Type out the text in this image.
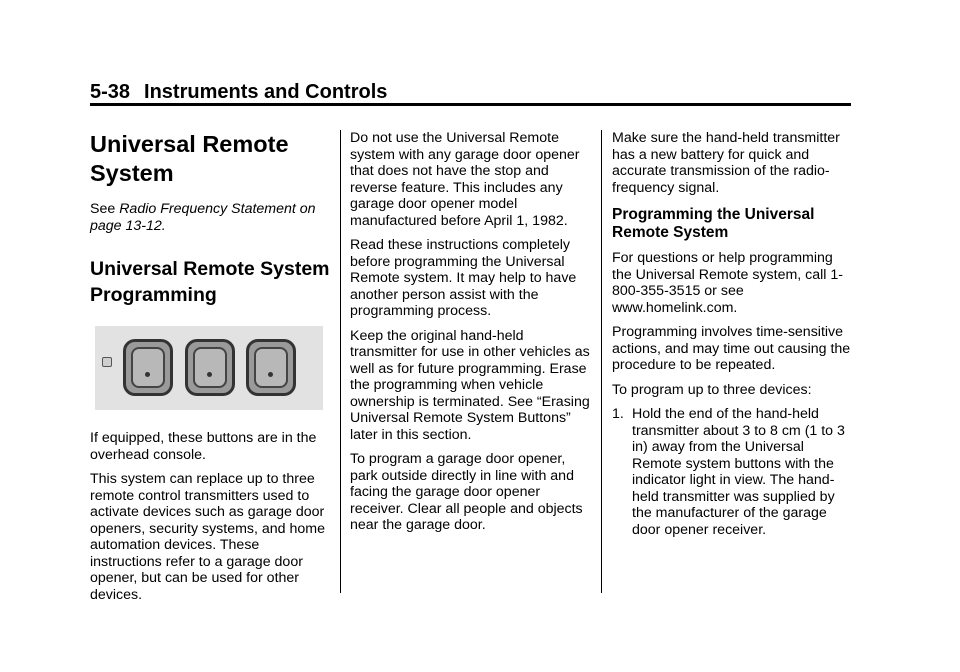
5-38 Instruments and Controls
Universal Remote System

See Radio Frequency Statement on page 13-12.

Universal Remote System Programming

If equipped, these buttons are in the overhead console.

This system can replace up to three remote control transmitters used to activate devices such as garage door openers, security systems, and home automation devices. These instructions refer to a garage door opener, but can be used for other devices.

Do not use the Universal Remote system with any garage door opener that does not have the stop and reverse feature. This includes any garage door opener model manufactured before April 1, 1982.

Read these instructions completely before programming the Universal Remote system. It may help to have another person assist with the programming process.

Keep the original hand-held transmitter for use in other vehicles as well as for future programming. Erase the programming when vehicle ownership is terminated. See “Erasing Universal Remote System Buttons” later in this section.

To program a garage door opener, park outside directly in line with and facing the garage door opener receiver. Clear all people and objects near the garage door.

Make sure the hand-held transmitter has a new battery for quick and accurate transmission of the radio-frequency signal.

Programming the Universal Remote System

For questions or help programming the Universal Remote system, call 1-800-355-3515 or see www.homelink.com.

Programming involves time-sensitive actions, and may time out causing the procedure to be repeated.

To program up to three devices:

1. Hold the end of the hand-held transmitter about 3 to 8 cm (1 to 3 in) away from the Universal Remote system buttons with the indicator light in view. The hand-held transmitter was supplied by the manufacturer of the garage door opener receiver.
